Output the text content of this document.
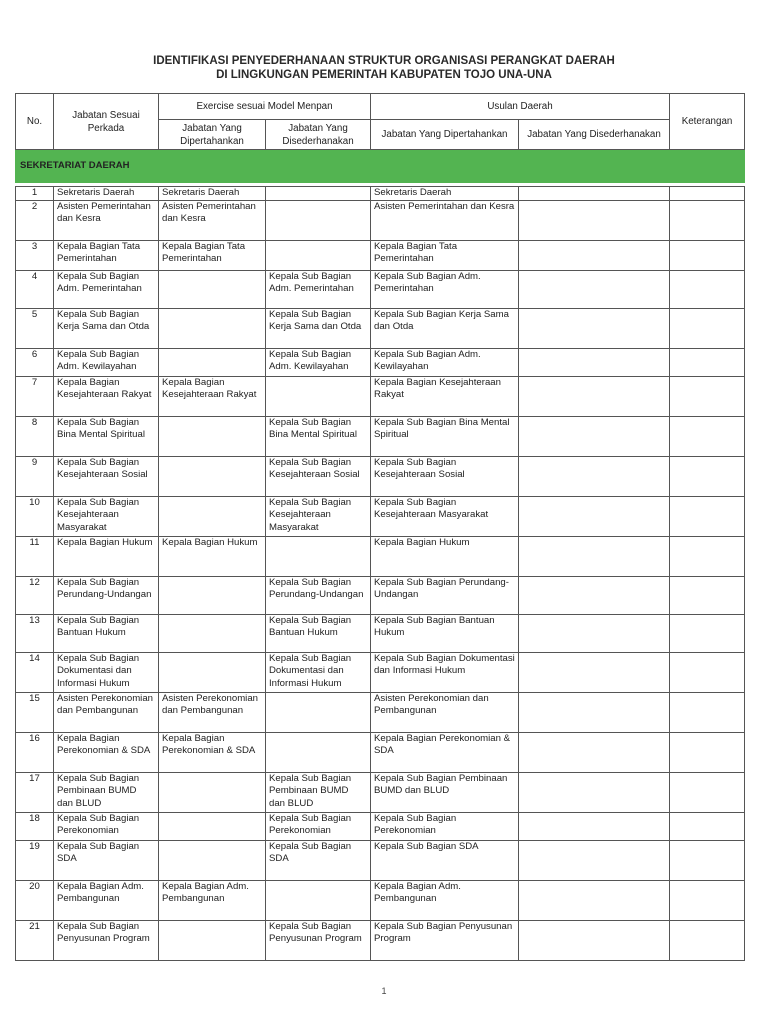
IDENTIFIKASI PENYEDERHANAAN STRUKTUR ORGANISASI PERANGKAT DAERAH
DI LINGKUNGAN PEMERINTAH KABUPATEN TOJO UNA-UNA
No.	Jabatan Sesuai Perkada	Exercise sesuai Model Menpan		Usulan Daerah		Keterangan
		Jabatan Yang Dipertahankan	Jabatan Yang Disederhanakan	Jabatan Yang Dipertahankan	Jabatan Yang Disederhanakan	
SEKRETARIAT DAERAH						

1	Sekretaris Daerah	Sekretaris Daerah		Sekretaris Daerah		
2	Asisten Pemerintahan dan Kesra	Asisten Pemerintahan dan Kesra		Asisten Pemerintahan dan Kesra		
3	Kepala Bagian Tata Pemerintahan	Kepala Bagian Tata Pemerintahan		Kepala Bagian Tata Pemerintahan		
4	Kepala Sub Bagian Adm. Pemerintahan		Kepala Sub Bagian Adm. Pemerintahan	Kepala Sub Bagian Adm. Pemerintahan		
5	Kepala Sub Bagian Kerja Sama dan Otda		Kepala Sub Bagian Kerja Sama dan Otda	Kepala Sub Bagian Kerja Sama dan Otda		
6	Kepala Sub Bagian Adm. Kewilayahan		Kepala Sub Bagian Adm. Kewilayahan	Kepala Sub Bagian Adm. Kewilayahan		
7	Kepala Bagian Kesejahteraan Rakyat	Kepala Bagian Kesejahteraan Rakyat		Kepala Bagian Kesejahteraan Rakyat		
8	Kepala Sub Bagian Bina Mental Spiritual		Kepala Sub Bagian Bina Mental Spiritual	Kepala Sub Bagian Bina Mental Spiritual		
9	Kepala Sub Bagian Kesejahteraan Sosial		Kepala Sub Bagian Kesejahteraan Sosial	Kepala Sub Bagian Kesejahteraan Sosial		
10	Kepala Sub Bagian Kesejahteraan Masyarakat		Kepala Sub Bagian Kesejahteraan Masyarakat	Kepala Sub Bagian Kesejahteraan Masyarakat		
11	Kepala Bagian Hukum	Kepala Bagian Hukum		Kepala Bagian Hukum		
12	Kepala Sub Bagian Perundang-Undangan		Kepala Sub Bagian Perundang-Undangan	Kepala Sub Bagian Perundang-Undangan		
13	Kepala Sub Bagian Bantuan Hukum		Kepala Sub Bagian Bantuan Hukum	Kepala Sub Bagian Bantuan Hukum		
14	Kepala Sub Bagian Dokumentasi dan Informasi Hukum		Kepala Sub Bagian Dokumentasi dan Informasi Hukum	Kepala Sub Bagian Dokumentasi dan Informasi Hukum		
15	Asisten Perekonomian dan Pembangunan	Asisten Perekonomian dan Pembangunan		Asisten Perekonomian dan Pembangunan		
16	Kepala Bagian Perekonomian & SDA	Kepala Bagian Perekonomian & SDA		Kepala Bagian Perekonomian & SDA		
17	Kepala Sub Bagian Pembinaan BUMD dan BLUD		Kepala Sub Bagian Pembinaan BUMD dan BLUD	Kepala Sub Bagian Pembinaan BUMD dan BLUD		
18	Kepala Sub Bagian Perekonomian		Kepala Sub Bagian Perekonomian	Kepala Sub Bagian Perekonomian		
19	Kepala Sub Bagian SDA		Kepala Sub Bagian SDA	Kepala Sub Bagian SDA		
20	Kepala Bagian Adm. Pembangunan	Kepala Bagian Adm. Pembangunan		Kepala Bagian Adm. Pembangunan		
21	Kepala Sub Bagian Penyusunan Program		Kepala Sub Bagian Penyusunan Program	Kepala Sub Bagian Penyusunan Program		
1
